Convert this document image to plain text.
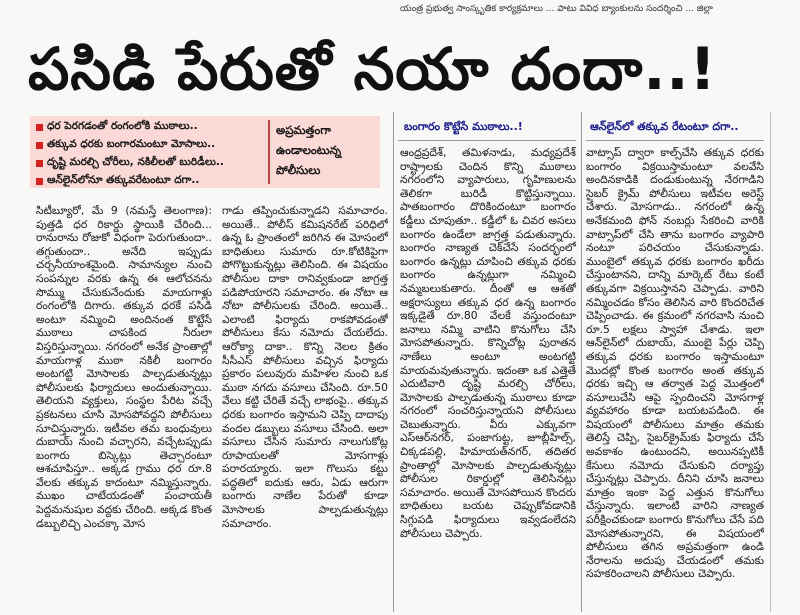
యంత్ర ప్రభుత్వ సాంస్కృతిక కార్యక్రమాలు ... పాటు వివిధ బ్యాంకులను సందర్శించి ... జిల్లా
పసిడి పేరుతో నయా దందా..!
ధర పెరగడంతో రంగంలోకి ముఠాలు..
తక్కువ ధరకు బంగారమంటూ మోసాలు..
దృష్టి మరల్చి చోరీలు, నకిలీలతో బురిడీలు..
ఆన్‌లైన్‌లోనూ తక్కువరేటంటూ దగా..
అప్రమత్తంగా ఉండాలంటున్న పోలీసులు
బంగారం కొట్టేసే ముఠాలు..!	ఆన్‌లైన్‌లో తక్కువ రేటంటూ దగా..

సిటీబ్యూరో, మే 9 (నమస్తే తెలంగాణ): పుత్తడి ధర రికార్డు స్థాయికి చేరింది... రానురాను రోజుకో విధంగా పెరుగుతుందా.. తగ్గుతుందా.. అనేది ఇప్పుడు చర్చనీయాంశమైంది. సామాన్యుల నుంచి సంపన్నుల వరకు ఉన్న ఈ ఆలోచనను సొమ్ము చేసుకునేందుకు మాయగాళ్లు రంగంలోకి దిగారు. తక్కువ ధరకే పసిడి అంటూ నమ్మించి అందినంత కొట్టేసే ముఠాలు చాపకింద నీరులా విస్తరిస్తున్నాయి. నగరంలో అనేక ప్రాంతాల్లో మాయగాళ్ల ముఠా నకిలీ బంగారం అంటగట్టి మోసాలకు పాల్పడుతున్నట్లు పోలీసులకు ఫిర్యాదులు అందుతున్నాయి. తెలియని వ్యక్తులు, సంస్థల పేరిట వచ్చే ప్రకటనలు చూసి మోసపోవద్దని పోలీసులు సూచిస్తున్నారు. ఇటీవల తమ బంధువులు దుబాయ్ నుంచి వచ్చారని, వచ్చేటప్పుడు బంగారు బిస్కెట్లు తెచ్చారంటూ ఆశచూపిస్తూ.. అక్కడ గ్రాము ధర రూ.8 వేలకు తక్కువ కాదంటూ నమ్మిస్తున్నారు. ముఖం చాటేయడంతో పంచాయతీ పెద్దమనుషుల వద్దకు చేరింది. అక్కడ కొంత డబ్బులిచ్చి ఎంచక్కా మోస

గాడు తప్పించుకున్నాడని సమాచారం. అయితే.. పోలీస్ కమిషనరేట్ పరిధిలో ఉన్న ఓ ప్రాంతంలో జరిగిన ఈ మోసంలో బాధితులు సుమారు రూ.కోటికిపైగా పోగొట్టుకున్నట్లు తెలిసింది. ఈ విషయం పోలీసుల దాకా రానివ్వకుండా జాగ్రత్త పడిపోయారని సమాచారం. ఈ నోటా ఆ నోటా పోలీసులకు చేరింది. అయితే.. ఎలాంటి ఫిర్యాదు రాకపోవడంతో పోలీసులు కేసు నమోదు చేయలేదు. ఆరోక్యా దాకా.. కొన్ని నెలల క్రితం సీసీఎస్ పోలీసులు వచ్చిన ఫిర్యాదు ప్రకారం పలువురు మహిళల నుంచి ఒక ముఠా నగదు వసూలు చేసింది. రూ.50 వేలు కట్టి చేరితే వచ్చే లాభంపై.. తక్కువ ధరకు బంగారం ఇస్తామని చెప్పి దాదాపు వందల డబ్బులు వసూలు చేసింది. అలా వసూలు చేసిన సుమారు నాలుగుకోట్ల రూపాయలతో మోసగాళ్లు పరారయ్యారు. ఇలా గొలుసు కట్టు పద్ధతిలో ఐదుకు ఆరు, ఏడు ఆరుగా బంగారు నాణేల పేరుతో కూడా మోసాలకు పాల్పడుతున్నట్లు సమాచారం.

ఆంధ్రప్రదేశ్, తమిళనాడు, మధ్యప్రదేశ్ రాష్ట్రాలకు చెందిన కొన్ని ముఠాలు నగరంలోని వ్యాపారులు, గృహిణులను తెలికగా బురిడీ కొట్టిస్తున్నాయి. పాతబంగారం దొరికిందంటూ బంగారం కడ్డీలు చూపుతూ.. కడ్డీలో ఓ చివర అసలు బంగారం ఉండేలా జాగ్రత్త పడుతున్నారు. బంగారం నాణ్యత చెక్‌చేసే సందర్భంలో బంగారం ఉన్నట్లు చూపించి తక్కువ ధరకు బంగారం ఉన్నట్లుగా నమ్మించి నమ్మబలుకుతారు. దీంతో ఆ ఆశతో అక్షరాస్యులు తక్కువ ధర ఉన్న బంగారం ఇక్కడైతే రూ.80 వేలకే వస్తుందంటూ జనాలు నమ్మి వాటిని కొనుగోలు చేసి మోసపోతున్నారు. కొన్నిచోట్ల పురాతన నాణేలు అంటూ అంటగట్టి మాయమవుతున్నారు. ఇదంతా ఒక ఎత్తైతే ఎదుటివారి దృష్టి మరల్చి చోరీలు, మోసాలకు పాల్పడుతున్న ముఠాలు కూడా నగరంలో సంచరిస్తున్నాయని పోలీసులు చెబుతున్నారు. వీరు ఎక్కువగా ఎస్‌ఆర్‌నగర్, పంజాగుట్ట, జూబ్లీహిల్స్, చిక్కడపల్లి, హిమాయత్‌నగర్, తదితర ప్రాంతాల్లో మోసాలకు పాల్పడుతున్నట్లు పోలీసుల రికార్డుల్లో తెలిసినట్లు సమాచారం. అయితే మోసపోయిన కొందరు బాధితులు బయట చెప్పుకోవడానికి సిగ్గుపడి ఫిర్యాదులు ఇవ్వడంలేదని పోలీసులు చెప్పారు.

వాట్సాప్ ద్వారా కాల్స్‌చేసి తక్కువ ధరకు బంగారం విక్రయిస్తామంటూ వలవేసి అందినకాడికి దండుకుంటున్న నేరగాడిని సైబర్ క్రైమ్ పోలీసులు ఇటీవల అరెస్ట్ చేశారు. మోసగాడు.. నగరంలో ఉన్న అనేకమంది ఫోన్ నంబర్లు సేకరించి వారికి వాట్సాప్‌లో చేసి తాను బంగారం వ్యాపారి నంటూ పరిచయం చేసుకున్నాడు. ముంబైలో తక్కువ ధరకు బంగారం ఖరీదు చేస్తుంటానని, దాన్ని మార్కెట్ రేటు కంటే తక్కువగా విక్రయిస్తానని చెప్పాడు. వారిని నమ్మించడం కోసం తెలిసిన వారి కొందరిచేత చెప్పించాడు. ఈ క్రమంలో నగరవాసి నుంచి రూ.5 లక్షలు స్వాహా చేశాడు. ఇలా ఆన్‌లైన్‌లో దుబాయ్, ముంబై పేర్లు చెప్పి తక్కువ ధరకు బంగారం ఇస్తామంటూ మొదట్లో కొంత బంగారం అంత తక్కువ ధరకు ఇచ్చి ఆ తర్వాత పెద్ద మొత్తంలో వసూలుచేసి ఆపై స్పందించని మోసగాళ్ల వ్యవహారం కూడా బయటపడింది. ఈ విషయంలో పోలీసులు మాత్రం తమకు తెలిస్తే చెప్పి, సైబర్‌క్రైమ్‌కు ఫిర్యాదు చేసే అవకాశం ఉంటుందని, అయినప్పటికీ కేసులు నమోదు చేసుకుని దర్యాప్తు చేస్తున్నట్లు చెప్పారు. దీనిని చూసి జనాలు మాత్రం ఇంకా పెద్ద ఎత్తున కొనుగోలు చేస్తున్నారు. ఇలాంటి వారిని నాణ్యత పరీక్షించకుండా బంగారు కొనుగోలు చేసే పది మోసపోతున్నారని, ఈ విషయంలో పోలీసులు తగిన అప్రమత్తంగా ఉండి నేరాలను అదుపు చేయడంలో తమకు సహకరించాలని పోలీసులు చెప్పారు.
